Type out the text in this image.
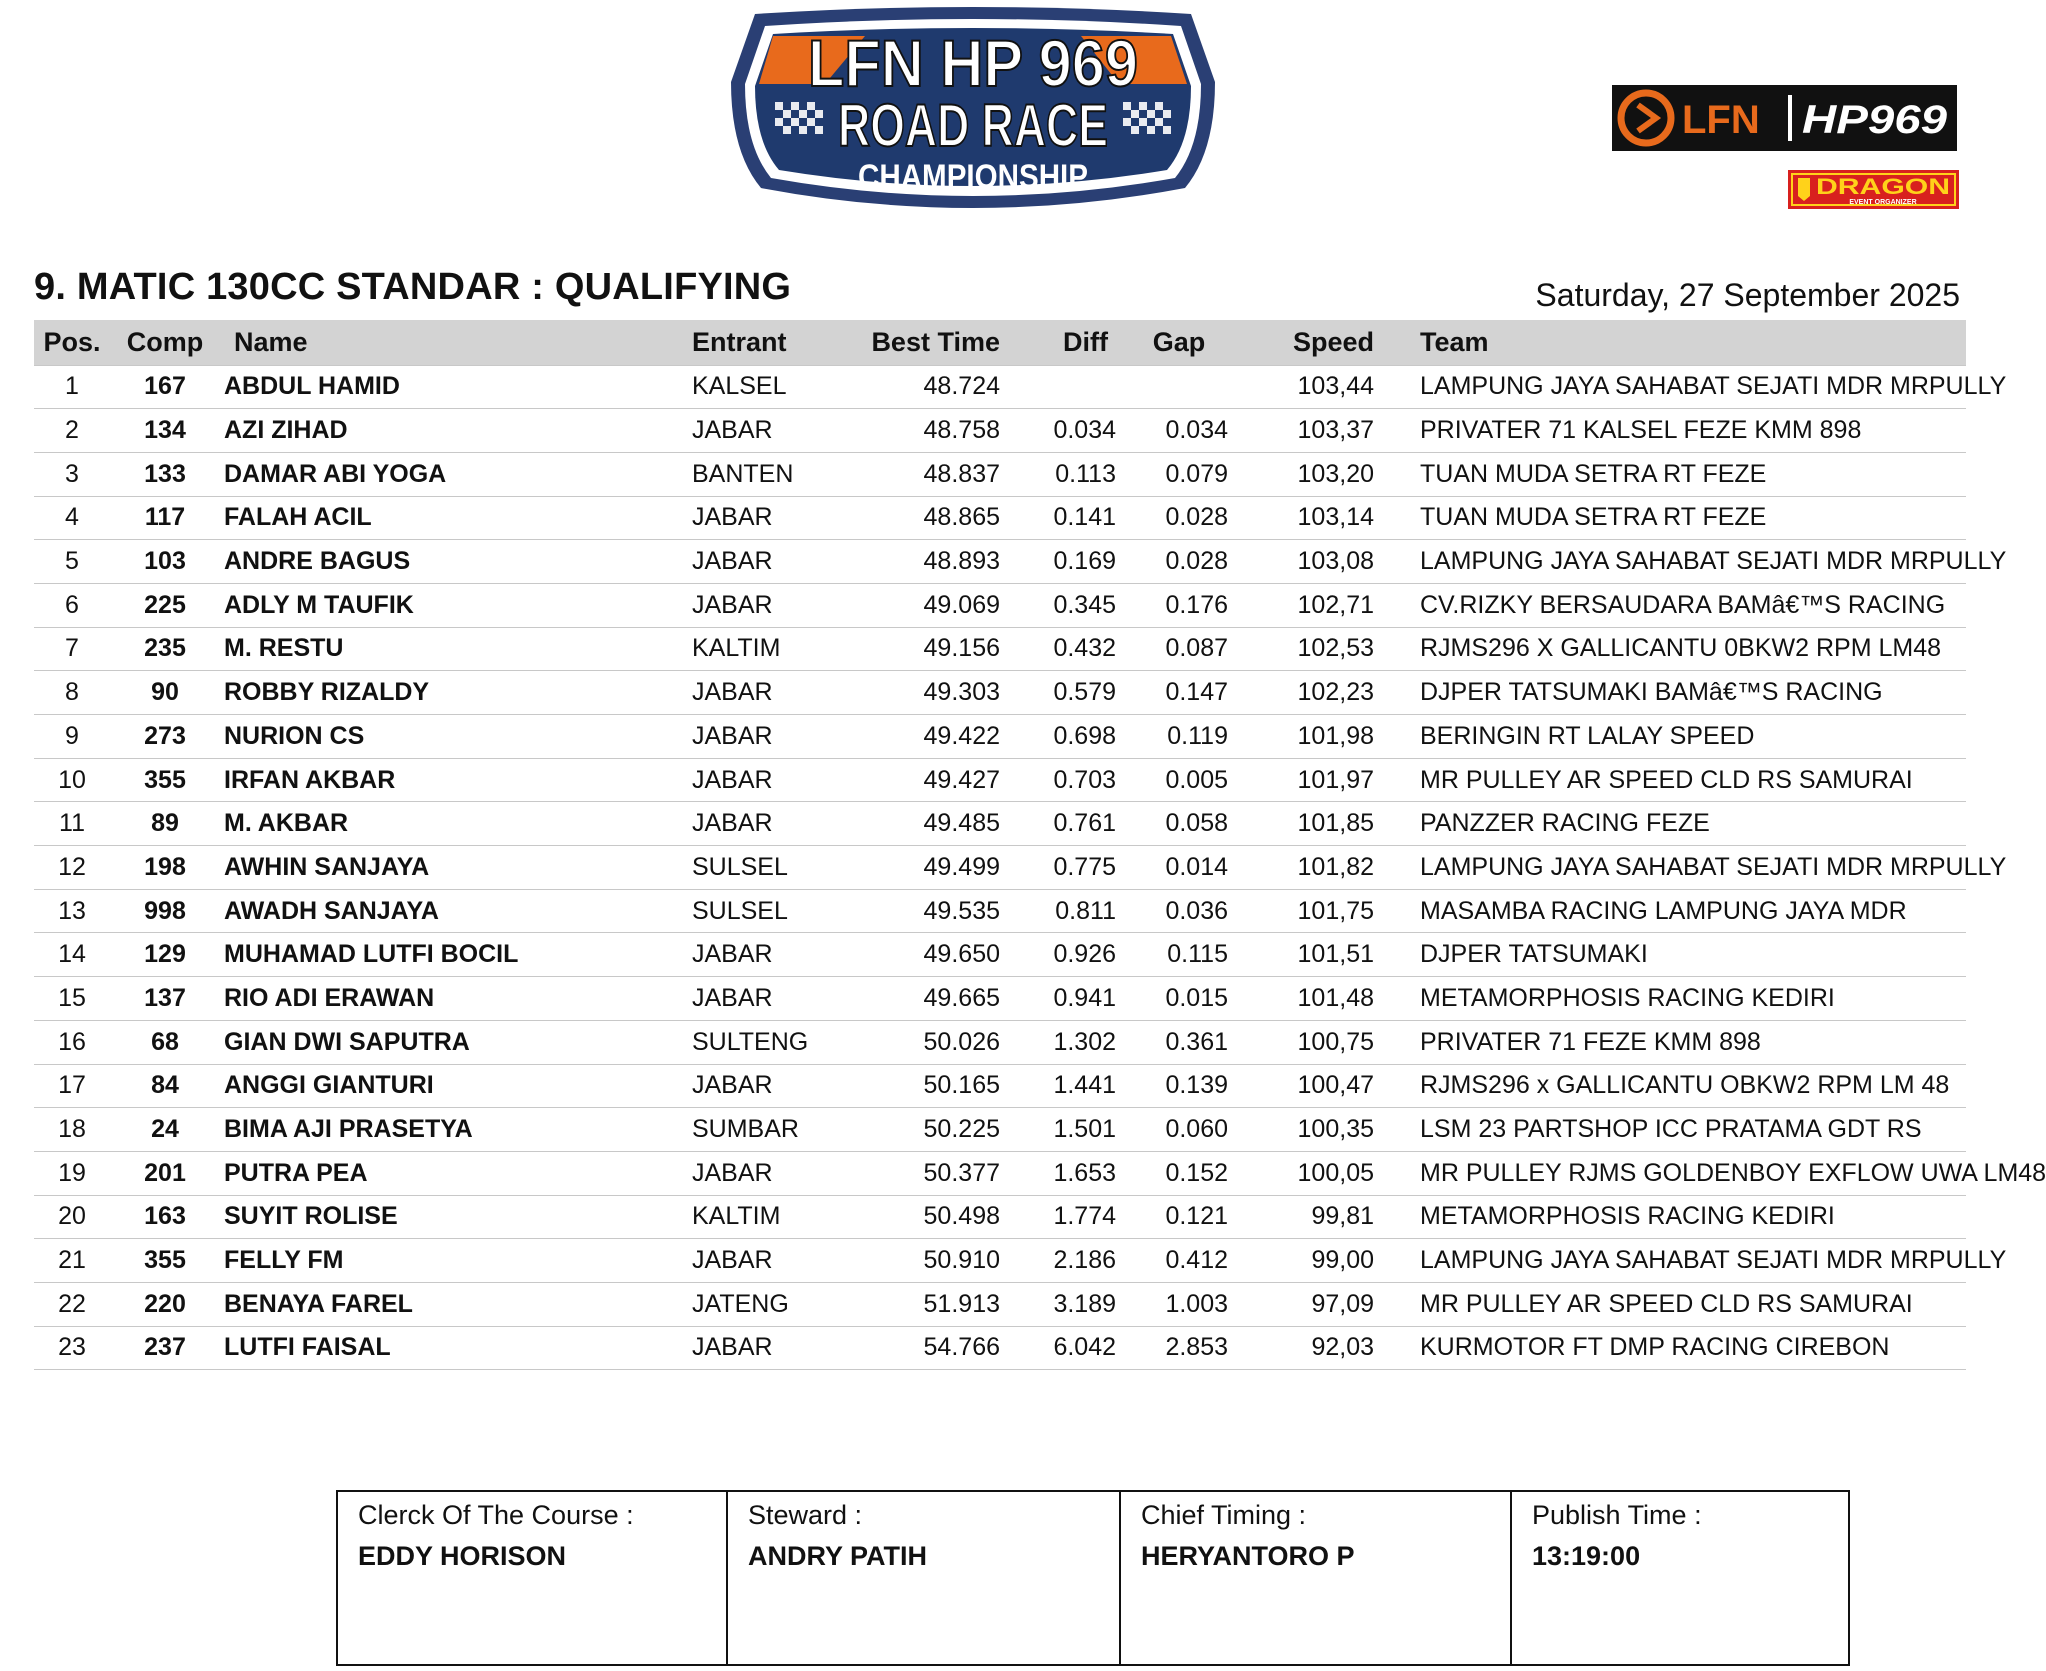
LFN HP 969
ROAD RACE
CHAMPIONSHIP
LFN HP969
DRAGON
EVENT ORGANIZER
9. MATIC 130CC STANDAR : QUALIFYING	Saturday, 27 September 2025
Pos.	Comp	Name	Entrant	Best Time	Diff	Gap	Speed	Team
1	167	ABDUL HAMID	KALSEL	48.724			103,44	LAMPUNG JAYA SAHABAT SEJATI MDR MRPULLY
2	134	AZI ZIHAD	JABAR	48.758	0.034	0.034	103,37	PRIVATER 71 KALSEL FEZE KMM 898
3	133	DAMAR ABI YOGA	BANTEN	48.837	0.113	0.079	103,20	TUAN MUDA SETRA RT FEZE
4	117	FALAH ACIL	JABAR	48.865	0.141	0.028	103,14	TUAN MUDA SETRA RT FEZE
5	103	ANDRE BAGUS	JABAR	48.893	0.169	0.028	103,08	LAMPUNG JAYA SAHABAT SEJATI MDR MRPULLY
6	225	ADLY M TAUFIK	JABAR	49.069	0.345	0.176	102,71	CV.RIZKY BERSAUDARA BAMâ€™S RACING
7	235	M. RESTU	KALTIM	49.156	0.432	0.087	102,53	RJMS296 X GALLICANTU 0BKW2 RPM LM48
8	90	ROBBY RIZALDY	JABAR	49.303	0.579	0.147	102,23	DJPER TATSUMAKI BAMâ€™S RACING
9	273	NURION CS	JABAR	49.422	0.698	0.119	101,98	BERINGIN RT LALAY SPEED
10	355	IRFAN AKBAR	JABAR	49.427	0.703	0.005	101,97	MR PULLEY AR SPEED CLD RS SAMURAI
11	89	M. AKBAR	JABAR	49.485	0.761	0.058	101,85	PANZZER RACING FEZE
12	198	AWHIN SANJAYA	SULSEL	49.499	0.775	0.014	101,82	LAMPUNG JAYA SAHABAT SEJATI MDR MRPULLY
13	998	AWADH SANJAYA	SULSEL	49.535	0.811	0.036	101,75	MASAMBA RACING LAMPUNG JAYA MDR
14	129	MUHAMAD LUTFI BOCIL	JABAR	49.650	0.926	0.115	101,51	DJPER TATSUMAKI
15	137	RIO ADI ERAWAN	JABAR	49.665	0.941	0.015	101,48	METAMORPHOSIS RACING KEDIRI
16	68	GIAN DWI SAPUTRA	SULTENG	50.026	1.302	0.361	100,75	PRIVATER 71 FEZE KMM 898
17	84	ANGGI GIANTURI	JABAR	50.165	1.441	0.139	100,47	RJMS296 x GALLICANTU OBKW2 RPM LM 48
18	24	BIMA AJI PRASETYA	SUMBAR	50.225	1.501	0.060	100,35	LSM 23 PARTSHOP ICC PRATAMA GDT RS
19	201	PUTRA PEA	JABAR	50.377	1.653	0.152	100,05	MR PULLEY RJMS GOLDENBOY EXFLOW UWA LM48
20	163	SUYIT ROLISE	KALTIM	50.498	1.774	0.121	99,81	METAMORPHOSIS RACING KEDIRI
21	355	FELLY FM	JABAR	50.910	2.186	0.412	99,00	LAMPUNG JAYA SAHABAT SEJATI MDR MRPULLY
22	220	BENAYA FAREL	JATENG	51.913	3.189	1.003	97,09	MR PULLEY AR SPEED CLD RS SAMURAI
23	237	LUTFI FAISAL	JABAR	54.766	6.042	2.853	92,03	KURMOTOR FT DMP RACING CIREBON
Clerck Of The Course :
EDDY HORISON
Steward :
ANDRY PATIH
Chief Timing :
HERYANTORO P
Publish Time :
13:19:00
